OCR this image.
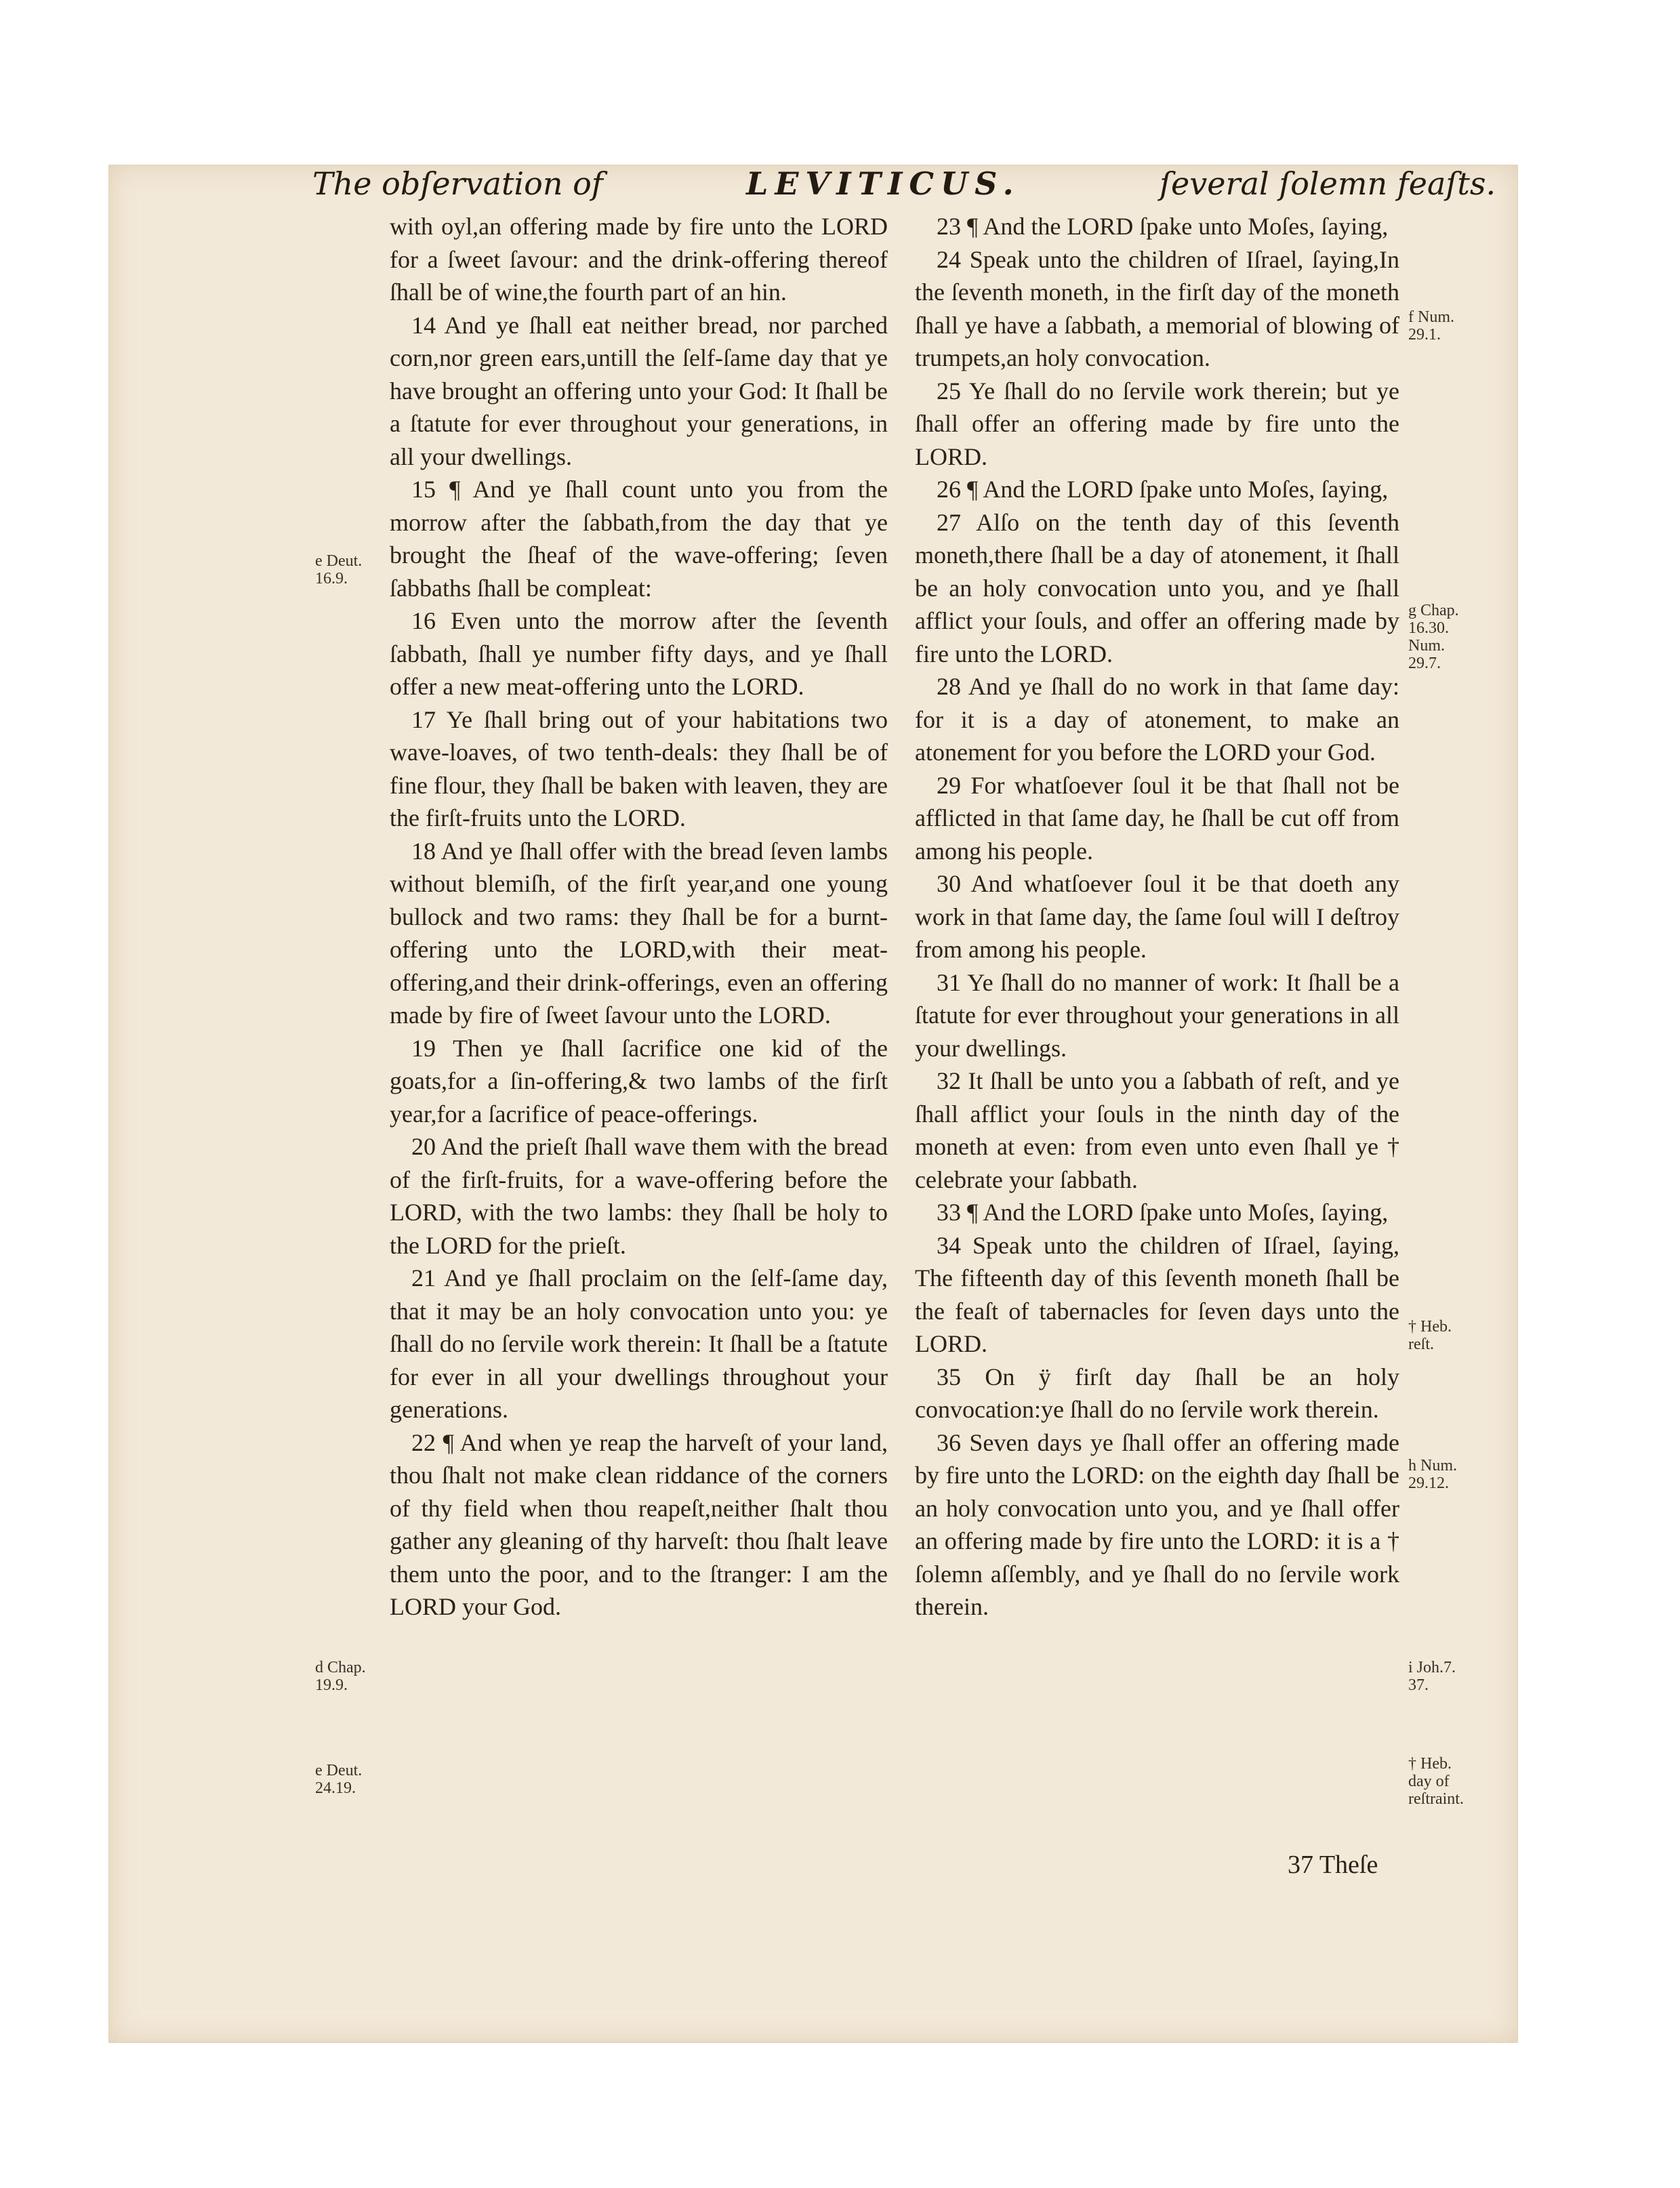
The obſervation of	LEVITICUS.	ſeveral ſolemn feaſts.

with oyl,an offering made by fire unto the LORD for a ſweet ſavour: and the drink-offering thereof ſhall be of wine,the fourth part of an hin.

14 And ye ſhall eat neither bread, nor parched corn,nor green ears,untill the ſelf-ſame day that ye have brought an offering unto your God: It ſhall be a ſtatute for ever throughout your generations, in all your dwellings.

15 ¶ And ye ſhall count unto you from the morrow after the ſabbath,from the day that ye brought the ſheaf of the wave-offering; ſeven ſabbaths ſhall be compleat:

16 Even unto the morrow after the ſeventh ſabbath, ſhall ye number fifty days, and ye ſhall offer a new meat-offering unto the LORD.

17 Ye ſhall bring out of your habitations two wave-loaves, of two tenth-deals: they ſhall be of fine flour, they ſhall be baken with leaven, they are the firſt-fruits unto the LORD.

18 And ye ſhall offer with the bread ſeven lambs without blemiſh, of the firſt year,and one young bullock and two rams: they ſhall be for a burnt-offering unto the LORD,with their meat-offering,and their drink-offerings, even an offering made by fire of ſweet ſavour unto the LORD.

19 Then ye ſhall ſacrifice one kid of the goats,for a ſin-offering,& two lambs of the firſt year,for a ſacrifice of peace-offerings.

20 And the prieſt ſhall wave them with the bread of the firſt-fruits, for a wave-offering before the LORD, with the two lambs: they ſhall be holy to the LORD for the prieſt.

21 And ye ſhall proclaim on the ſelf-ſame day, that it may be an holy convocation unto you: ye ſhall do no ſervile work therein: It ſhall be a ſtatute for ever in all your dwellings throughout your generations.

22 ¶ And when ye reap the harveſt of your land, thou ſhalt not make clean riddance of the corners of thy field when thou reapeſt,neither ſhalt thou gather any gleaning of thy harveſt: thou ſhalt leave them unto the poor, and to the ſtranger: I am the LORD your God.

23 ¶ And the LORD ſpake unto Moſes, ſaying,

24 Speak unto the children of Iſrael, ſaying,In the ſeventh moneth, in the firſt day of the moneth ſhall ye have a ſabbath, a memorial of blowing of trumpets,an holy convocation.

25 Ye ſhall do no ſervile work therein; but ye ſhall offer an offering made by fire unto the LORD.

26 ¶ And the LORD ſpake unto Moſes, ſaying,

27 Alſo on the tenth day of this ſeventh moneth,there ſhall be a day of atonement, it ſhall be an holy convocation unto you, and ye ſhall afflict your ſouls, and offer an offering made by fire unto the LORD.

28 And ye ſhall do no work in that ſame day: for it is a day of atonement, to make an atonement for you before the LORD your God.

29 For whatſoever ſoul it be that ſhall not be afflicted in that ſame day, he ſhall be cut off from among his people.

30 And whatſoever ſoul it be that doeth any work in that ſame day, the ſame ſoul will I deſtroy from among his people.

31 Ye ſhall do no manner of work: It ſhall be a ſtatute for ever throughout your generations in all your dwellings.

32 It ſhall be unto you a ſabbath of reſt, and ye ſhall afflict your ſouls in the ninth day of the moneth at even: from even unto even ſhall ye † celebrate your ſabbath.

33 ¶ And the LORD ſpake unto Moſes, ſaying,

34 Speak unto the children of Iſrael, ſaying, The fifteenth day of this ſeventh moneth ſhall be the feaſt of tabernacles for ſeven days unto the LORD.

35 On ÿ firſt day ſhall be an holy convocation:ye ſhall do no ſervile work therein.

36 Seven days ye ſhall offer an offering made by fire unto the LORD: on the eighth day ſhall be an holy convocation unto you, and ye ſhall offer an offering made by fire unto the LORD: it is a † ſolemn aſſembly, and ye ſhall do no ſervile work therein.

e Deut. 16.9.
d Chap. 19.9.
e Deut. 24.19.
f Num. 29.1.
g Chap. 16.30. Num. 29.7.
† Heb. reſt.
h Num. 29.12.
i Joh.7. 37.
† Heb. day of reſtraint.
37 Theſe
